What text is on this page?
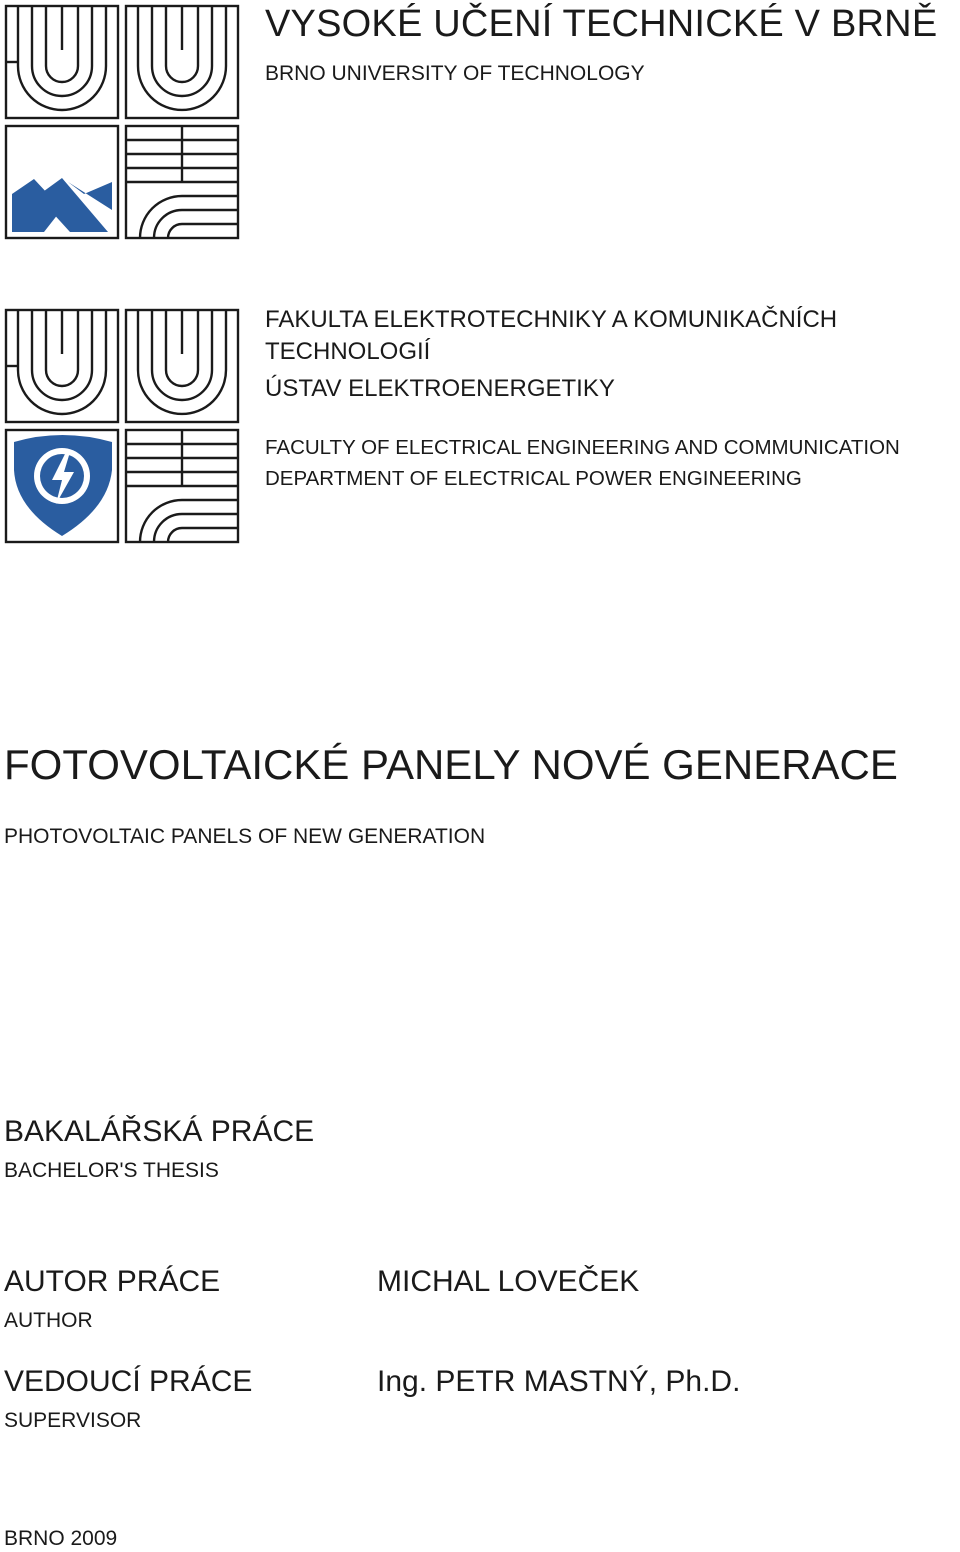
VYSOKÉ UČENÍ TECHNICKÉ V BRNĚ
BRNO UNIVERSITY OF TECHNOLOGY
FAKULTA ELEKTROTECHNIKY A KOMUNIKAČNÍCH
TECHNOLOGIÍ
ÚSTAV ELEKTROENERGETIKY
FACULTY OF ELECTRICAL ENGINEERING AND COMMUNICATION
DEPARTMENT OF ELECTRICAL POWER ENGINEERING
FOTOVOLTAICKÉ PANELY NOVÉ GENERACE
PHOTOVOLTAIC PANELS OF NEW GENERATION
BAKALÁŘSKÁ PRÁCE
BACHELOR'S THESIS
AUTOR PRÁCE
AUTHOR
MICHAL LOVEČEK
VEDOUCÍ PRÁCE
SUPERVISOR
Ing. PETR MASTNÝ, Ph.D.
BRNO 2009
